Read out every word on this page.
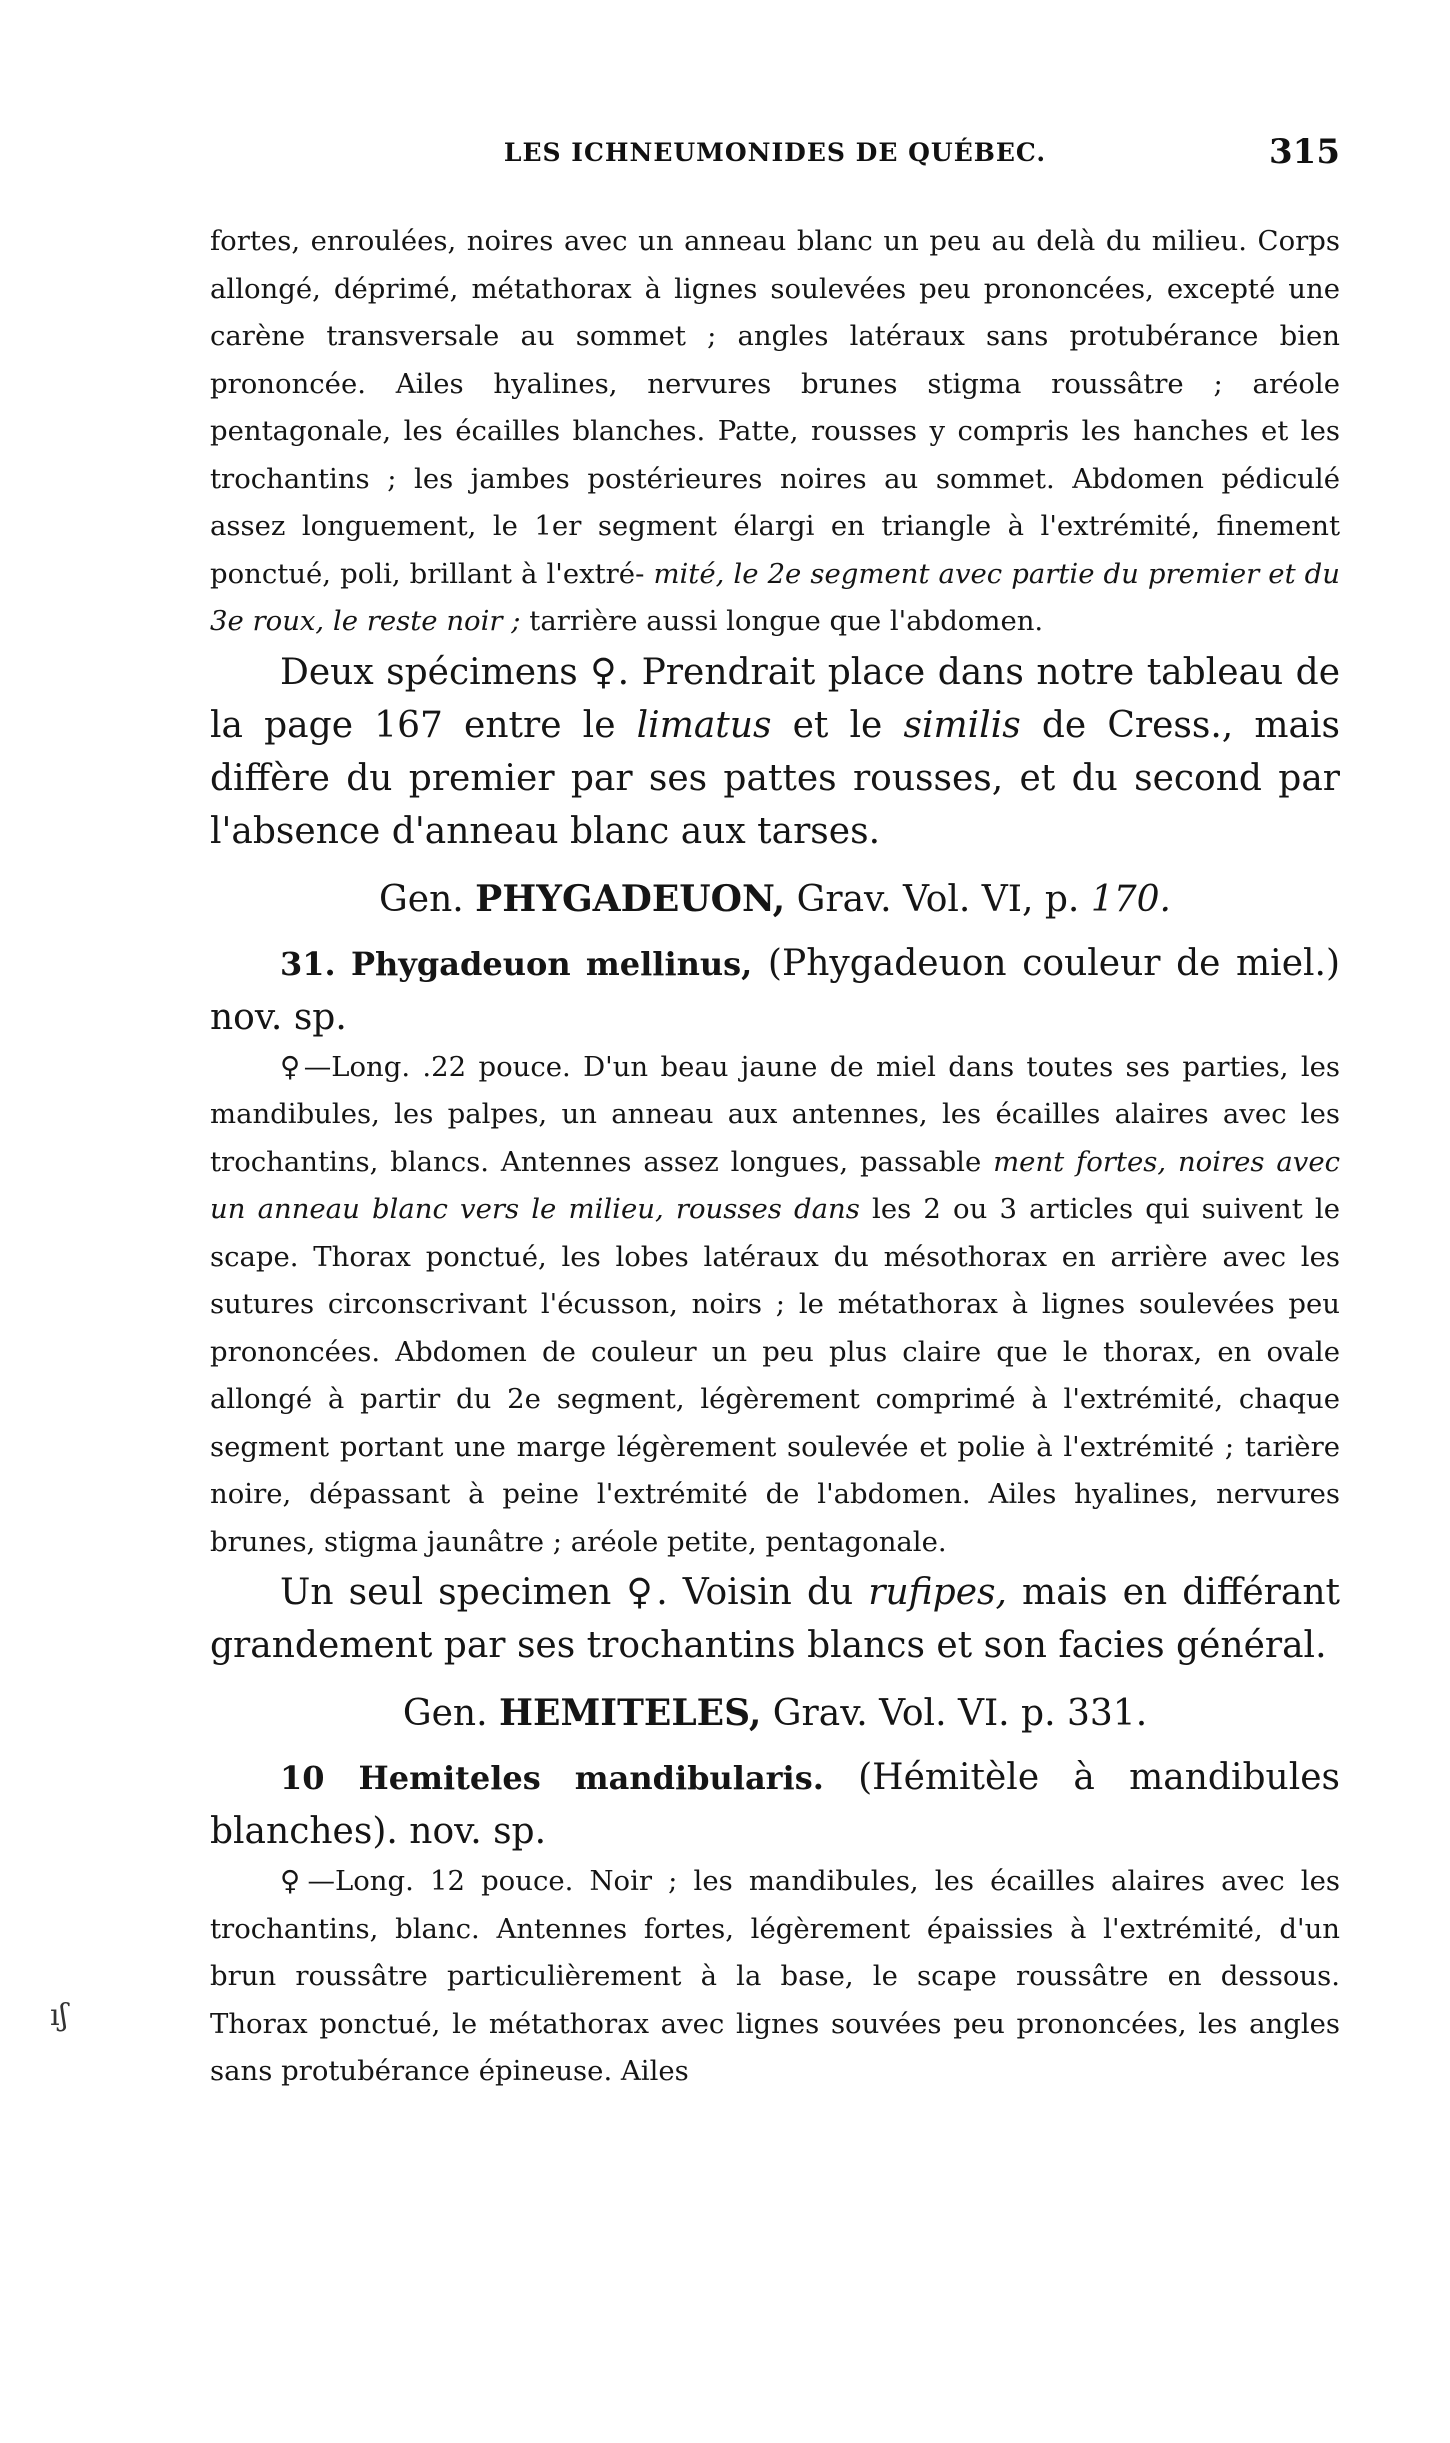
LES ICHNEUMONIDES DE QUÉBEC.	315
ıʃ

fortes, enroulées, noires avec un anneau blanc un peu au delà du milieu. Corps allongé, déprimé, métathorax à lignes soulevées peu prononcées, excepté une carène transversale au sommet ; angles latéraux sans protubérance bien prononcée. Ailes hyalines, nervures brunes stigma roussâtre ; aréole pentagonale, les écailles blanches. Patte, rousses y compris les hanches et les trochantins ; les jambes postérieures noires au sommet. Abdomen pédiculé assez longuement, le 1er segment élargi en triangle à l'extrémité, finement ponctué, poli, brillant à l'extré- mité, le 2e segment avec partie du premier et du 3e roux, le reste noir ; tarrière aussi longue que l'abdomen.

Deux spécimens ♀. Prendrait place dans notre tableau de la page 167 entre le limatus et le similis de Cress., mais diffère du premier par ses pattes rousses, et du second par l'absence d'anneau blanc aux tarses.

Gen. PHYGADEUON, Grav. Vol. VI, p. 170.

31. Phygadeuon mellinus, (Phygadeuon couleur de miel.) nov. sp.

♀—Long. .22 pouce. D'un beau jaune de miel dans toutes ses parties, les mandibules, les palpes, un anneau aux antennes, les écailles alaires avec les trochantins, blancs. Antennes assez longues, passable ment fortes, noires avec un anneau blanc vers le milieu, rousses dans les 2 ou 3 articles qui suivent le scape. Thorax ponctué, les lobes latéraux du mésothorax en arrière avec les sutures circonscrivant l'écusson, noirs ; le métathorax à lignes soulevées peu prononcées. Abdomen de couleur un peu plus claire que le thorax, en ovale allongé à partir du 2e segment, légèrement comprimé à l'extrémité, chaque segment portant une marge légèrement soulevée et polie à l'extrémité ; tarière noire, dépassant à peine l'extrémité de l'abdomen. Ailes hyalines, nervures brunes, stigma jaunâtre ; aréole petite, pentagonale.

Un seul specimen ♀. Voisin du rufipes, mais en différant grandement par ses trochantins blancs et son facies général.

Gen. HEMITELES, Grav. Vol. VI. p. 331.

10 Hemiteles mandibularis. (Hémitèle à mandibules blanches). nov. sp.

♀—Long. 12 pouce. Noir ; les mandibules, les écailles alaires avec les trochantins, blanc. Antennes fortes, légèrement épaissies à l'extrémité, d'un brun roussâtre particulièrement à la base, le scape roussâtre en dessous. Thorax ponctué, le métathorax avec lignes souvées peu prononcées, les angles sans protubérance épineuse. Ailes
